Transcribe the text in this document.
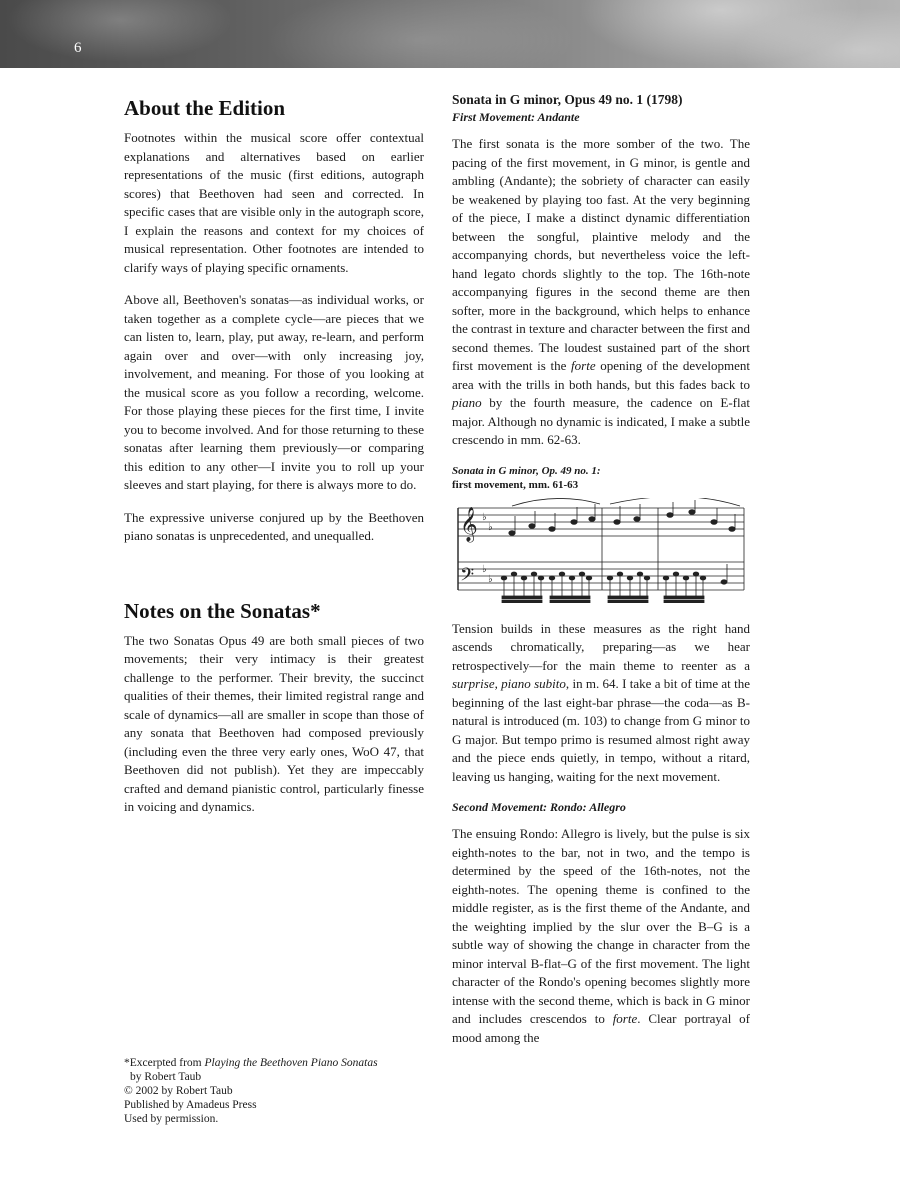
6
About the Edition

Footnotes within the musical score offer contextual explanations and alternatives based on earlier representations of the music (first editions, autograph scores) that Beethoven had seen and corrected. In specific cases that are visible only in the autograph score, I explain the reasons and context for my choices of musical representation. Other footnotes are intended to clarify ways of playing specific ornaments.

Above all, Beethoven's sonatas—as individual works, or taken together as a complete cycle—are pieces that we can listen to, learn, play, put away, re-learn, and perform again over and over—with only increasing joy, involvement, and meaning. For those of you looking at the musical score as you follow a recording, welcome. For those playing these pieces for the first time, I invite you to become involved. And for those returning to these sonatas after learning them previously—or comparing this edition to any other—I invite you to roll up your sleeves and start playing, for there is always more to do.

The expressive universe conjured up by the Beethoven piano sonatas is unprecedented, and unequalled.

Notes on the Sonatas*

The two Sonatas Opus 49 are both small pieces of two movements; their very intimacy is their greatest challenge to the performer. Their brevity, the succinct qualities of their themes, their limited registral range and scale of dynamics—all are smaller in scope than those of any sonata that Beethoven had composed previously (including even the three very early ones, WoO 47, that Beethoven did not publish). Yet they are impeccably crafted and demand pianistic control, particularly finesse in voicing and dynamics.

*Excerpted from Playing the Beethoven Piano Sonatas
by Robert Taub
© 2002 by Robert Taub
Published by Amadeus Press
Used by permission.
Sonata in G minor, Opus 49 no. 1 (1798)
First Movement: Andante

The first sonata is the more somber of the two. The pacing of the first movement, in G minor, is gentle and ambling (Andante); the sobriety of character can easily be weakened by playing too fast. At the very beginning of the piece, I make a distinct dynamic differentiation between the songful, plaintive melody and the accompanying chords, but nevertheless voice the left-hand legato chords slightly to the top. The 16th-note accompanying figures in the second theme are then softer, more in the background, which helps to enhance the contrast in texture and character between the first and second themes. The loudest sustained part of the short first movement is the forte opening of the development area with the trills in both hands, but this fades back to piano by the fourth measure, the cadence on E-flat major. Although no dynamic is indicated, I make a subtle crescendo in mm. 62-63.

Sonata in G minor, Op. 49 no. 1:
first movement, mm. 61-63
𝄞
𝄢
♭
♭
♭
♭

Tension builds in these measures as the right hand ascends chromatically, preparing—as we hear retrospectively—for the main theme to reenter as a surprise, piano subito, in m. 64. I take a bit of time at the beginning of the last eight-bar phrase—the coda—as B-natural is introduced (m. 103) to change from G minor to G major. But tempo primo is resumed almost right away and the piece ends quietly, in tempo, without a ritard, leaving us hanging, waiting for the next movement.

Second Movement: Rondo: Allegro

The ensuing Rondo: Allegro is lively, but the pulse is six eighth-notes to the bar, not in two, and the tempo is determined by the speed of the 16th-notes, not the eighth-notes. The opening theme is confined to the middle register, as is the first theme of the Andante, and the weighting implied by the slur over the B–G is a subtle way of showing the change in character from the minor interval B-flat–G of the first movement. The light character of the Rondo's opening becomes slightly more intense with the second theme, which is back in G minor and includes crescendos to forte. Clear portrayal of mood among the
